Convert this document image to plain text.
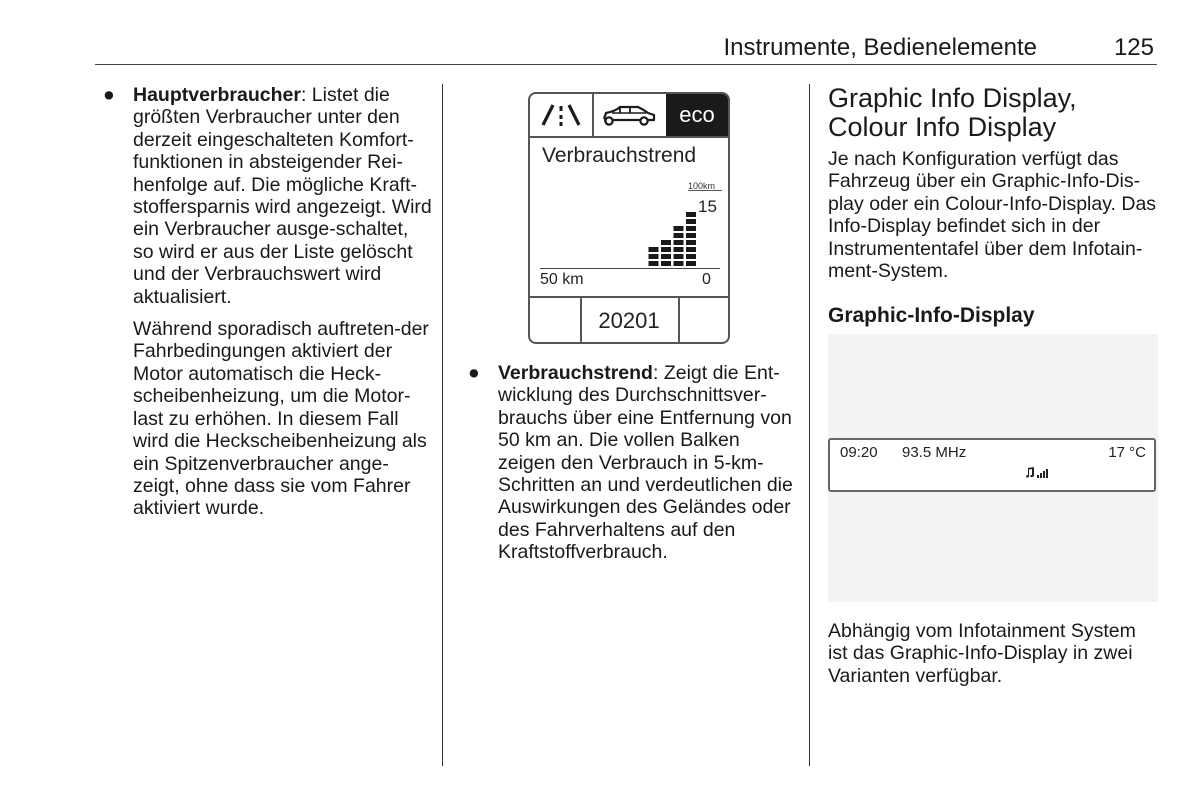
Instrumente, Bedienelemente	125
● Hauptverbraucher: Listet die größten Verbraucher unter den derzeit eingeschalteten Komfort-funktionen in absteigender Rei-henfolge auf. Die mögliche Kraft-stoffersparnis wird angezeigt. Wird ein Verbraucher ausge-schaltet, so wird er aus der Liste gelöscht und der Verbrauchswert wird aktualisiert.
Während sporadisch auftreten-der Fahrbedingungen aktiviert der Motor automatisch die Heck-scheibenheizung, um die Motor-last zu erhöhen. In diesem Fall wird die Heckscheibenheizung als ein Spitzenverbraucher ange-zeigt, ohne dass sie vom Fahrer aktiviert wurde.
eco
Verbrauchstrend
100km
15
50 km	0
20201
● Verbrauchstrend: Zeigt die Ent-wicklung des Durchschnittsver-brauchs über eine Entfernung von 50 km an. Die vollen Balken zeigen den Verbrauch in 5-km-Schritten an und verdeutlichen die Auswirkungen des Geländes oder des Fahrverhaltens auf den Kraftstoffverbrauch.
Graphic Info Display, Colour Info Display
Je nach Konfiguration verfügt das Fahrzeug über ein Graphic-Info-Dis-play oder ein Colour-Info-Display. Das Info-Display befindet sich in der Instrumententafel über dem Infotain-ment-System.
Graphic-Info-Display
09:20 93.5 MHz	17 °C
Abhängig vom Infotainment System ist das Graphic-Info-Display in zwei Varianten verfügbar.
